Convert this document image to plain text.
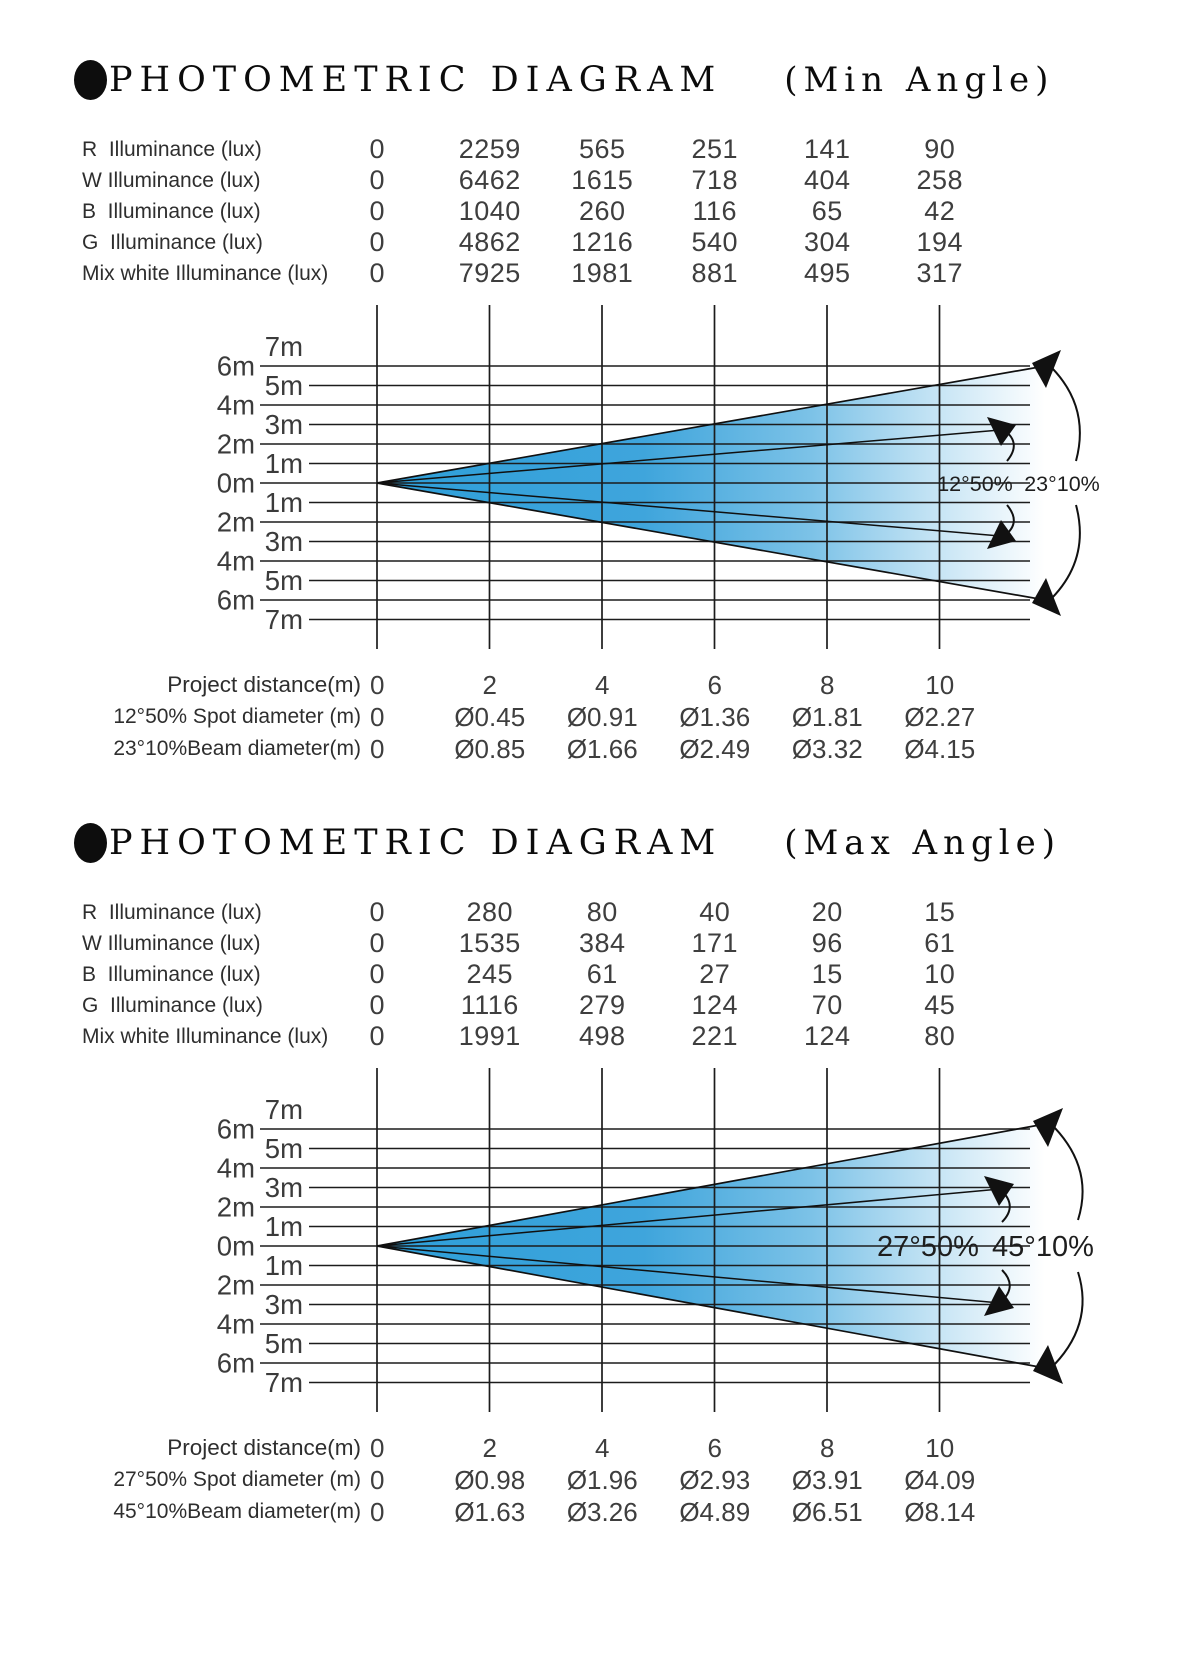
PHOTOMETRIC DIAGRAM (Min Angle)
R  Illuminance (lux)	0	2259	565	251	141	90
W Illuminance (lux)	0	6462	1615	718	404	258
B  Illuminance (lux)	0	1040	260	116	65	42
G  Illuminance (lux)	0	4862	1216	540	304	194
Mix white Illuminance (lux)	0	7925	1981	881	495	317
12°50% 23°10%
6m
4m
2m
0m
2m
4m
6m
7m
5m
3m
1m
1m
3m
5m
7m
Project distance(m) 0	2	4	6	8	10
12°50% Spot diameter (m) 0	Ø0.45	Ø0.91	Ø1.36	Ø1.81	Ø2.27
23°10%Beam diameter(m) 0	Ø0.85	Ø1.66	Ø2.49	Ø3.32	Ø4.15
PHOTOMETRIC DIAGRAM (Max Angle)
R  Illuminance (lux)	0	280	80	40	20	15
W Illuminance (lux)	0	1535	384	171	96	61
B  Illuminance (lux)	0	245	61	27	15	10
G  Illuminance (lux)	0	1116	279	124	70	45
Mix white Illuminance (lux)	0	1991	498	221	124	80
27°50% 45°10%
6m
4m
2m
0m
2m
4m
6m
7m
5m
3m
1m
1m
3m
5m
7m
Project distance(m) 0	2	4	6	8	10
27°50% Spot diameter (m) 0	Ø0.98	Ø1.96	Ø2.93	Ø3.91	Ø4.09
45°10%Beam diameter(m) 0	Ø1.63	Ø3.26	Ø4.89	Ø6.51	Ø8.14
